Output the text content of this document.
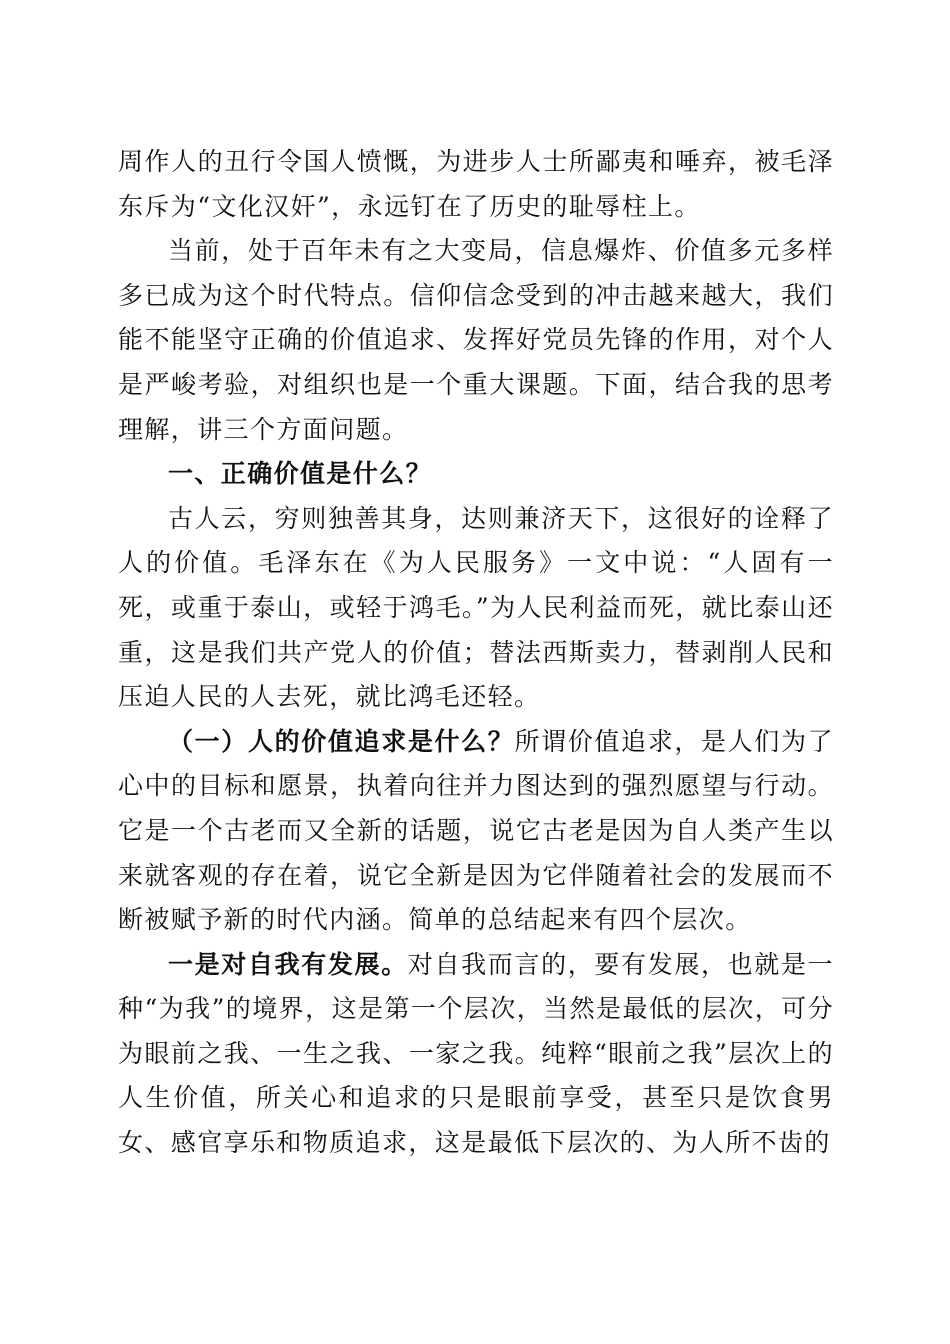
周作人的丑行令国人愤慨，为进步人士所鄙夷和唾弃，被毛泽东斥为“文化汉奸”，永远钉在了历史的耻辱柱上。

当前，处于百年未有之大变局，信息爆炸、价值多元多样多已成为这个时代特点。信仰信念受到的冲击越来越大，我们能不能坚守正确的价值追求、发挥好党员先锋的作用，对个人是严峻考验，对组织也是一个重大课题。下面，结合我的思考理解，讲三个方面问题。

一、正确价值是什么？

古人云，穷则独善其身，达则兼济天下，这很好的诠释了人的价值。毛泽东在《为人民服务》一文中说：“人固有一死，或重于泰山，或轻于鸿毛。”为人民利益而死，就比泰山还重，这是我们共产党人的价值；替法西斯卖力，替剥削人民和压迫人民的人去死，就比鸿毛还轻。

（一）人的价值追求是什么？所谓价值追求，是人们为了心中的目标和愿景，执着向往并力图达到的强烈愿望与行动。它是一个古老而又全新的话题，说它古老是因为自人类产生以来就客观的存在着，说它全新是因为它伴随着社会的发展而不断被赋予新的时代内涵。简单的总结起来有四个层次。

一是对自我有发展。对自我而言的，要有发展，也就是一种“为我”的境界，这是第一个层次，当然是最低的层次，可分为眼前之我、一生之我、一家之我。纯粹“眼前之我”层次上的人生价值，所关心和追求的只是眼前享受，甚至只是饮食男女、感官享乐和物质追求，这是最低下层次的、为人所不齿的
